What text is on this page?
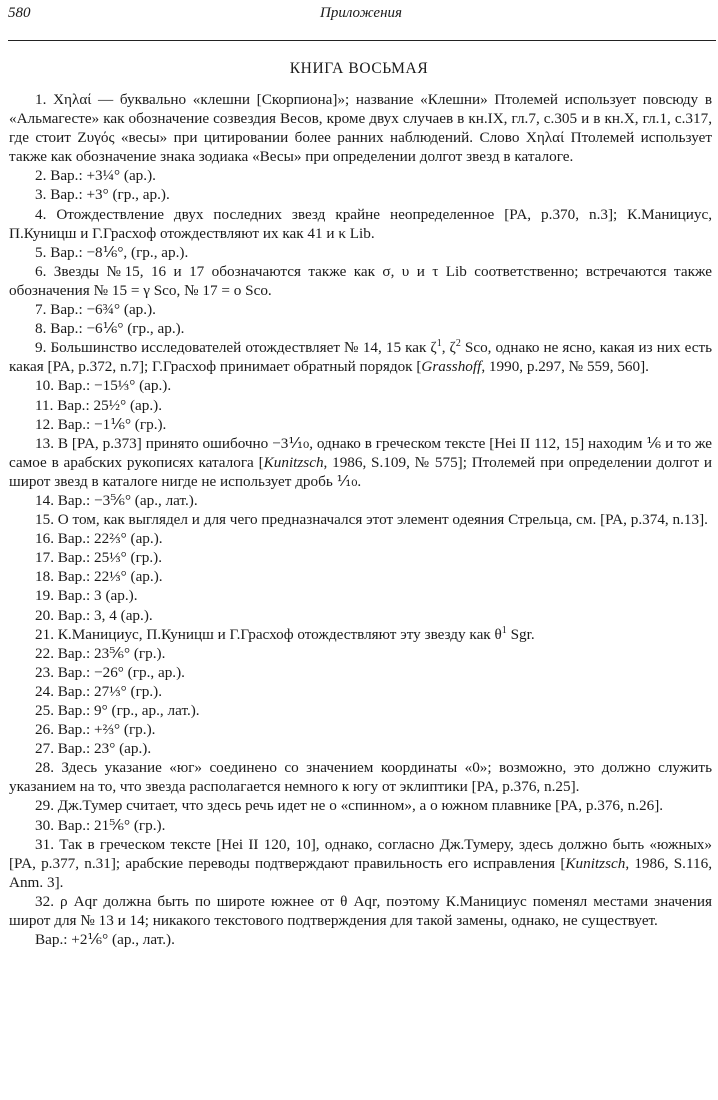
580	Приложения
КНИГА ВОСЬМАЯ

1. Χηλαί — буквально «клешни [Скорпиона]»; название «Клешни» Птолемей использует повсюду в «Альмагесте» как обозначение созвездия Весов, кроме двух случаев в кн.IX, гл.7, с.305 и в кн.X, гл.1, с.317, где стоит Ζυγός «весы» при цитировании более ранних наблюдений. Слово Χηλαί Птолемей использует также как обозначение знака зодиака «Весы» при определении долгот звезд в каталоге.

2. Вар.: +3¼° (ар.).

3. Вар.: +3° (гр., ар.).

4. Отождествление двух последних звезд крайне неопределенное [PA, p.370, n.3]; К.Манициус, П.Куницш и Г.Грасхоф отождествляют их как 41 и κ Lib.

5. Вар.: −8⅙°, (гр., ар.).

6. Звезды №15, 16 и 17 обозначаются также как σ, υ и τ Lib соответственно; встречаются также обозначения № 15 = γ Sco, № 17 = ο Sco.

7. Вар.: −6¾° (ар.).

8. Вар.: −6⅙° (гр., ар.).

9. Большинство исследователей отождествляет № 14, 15 как $\zeta^1$, $\zeta^2$ Sco, однако не ясно, какая из них есть какая [PA, p.372, n.7]; Г.Грасхоф принимает обратный порядок [Grasshoff, 1990, p.297, № 559, 560].

10. Вар.: −15⅓° (ар.).

11. Вар.: 25½° (ар.).

12. Вар.: −1⅙° (гр.).

13. В [PA, p.373] принято ошибочно −3⅒, однако в греческом тексте [Hei II 112, 15] находим ⅙ и то же самое в арабских рукописях каталога [Kunitzsch, 1986, S.109, № 575]; Птолемей при определении долгот и широт звезд в каталоге нигде не использует дробь ⅒.

14. Вар.: −3⅚° (ар., лат.).

15. О том, как выглядел и для чего предназначался этот элемент одеяния Стрельца, см. [PA, p.374, n.13].

16. Вар.: 22⅔° (ар.).

17. Вар.: 25⅓° (гр.).

18. Вар.: 22⅓° (ар.).

19. Вар.: 3 (ар.).

20. Вар.: 3, 4 (ар.).

21. К.Манициус, П.Куницш и Г.Грасхоф отождествляют эту звезду как $\theta^1$ Sgr.

22. Вар.: 23⅚° (гр.).

23. Вар.: −26° (гр., ар.).

24. Вар.: 27⅓° (гр.).

25. Вар.: 9° (гр., ар., лат.).

26. Вар.: +⅔° (гр.).

27. Вар.: 23° (ар.).

28. Здесь указание «юг» соединено со значением координаты «0»; возможно, это должно служить указанием на то, что звезда располагается немного к югу от эклиптики [PA, p.376, n.25].

29. Дж.Тумер считает, что здесь речь идет не о «спинном», а о южном плавнике [PA, p.376, n.26].

30. Вар.: 21⅚° (гр.).

31. Так в греческом тексте [Hei II 120, 10], однако, согласно Дж.Тумеру, здесь должно быть «южных» [PA, p.377, n.31]; арабские переводы подтверждают правильность его исправления [Kunitzsch, 1986, S.116, Anm. 3].

32. ρ Aqr должна быть по широте южнее от θ Aqr, поэтому К.Манициус поменял местами значения широт для № 13 и 14; никакого текстового подтверждения для такой замены, однако, не существует.

Вар.: +2⅙° (ар., лат.).
